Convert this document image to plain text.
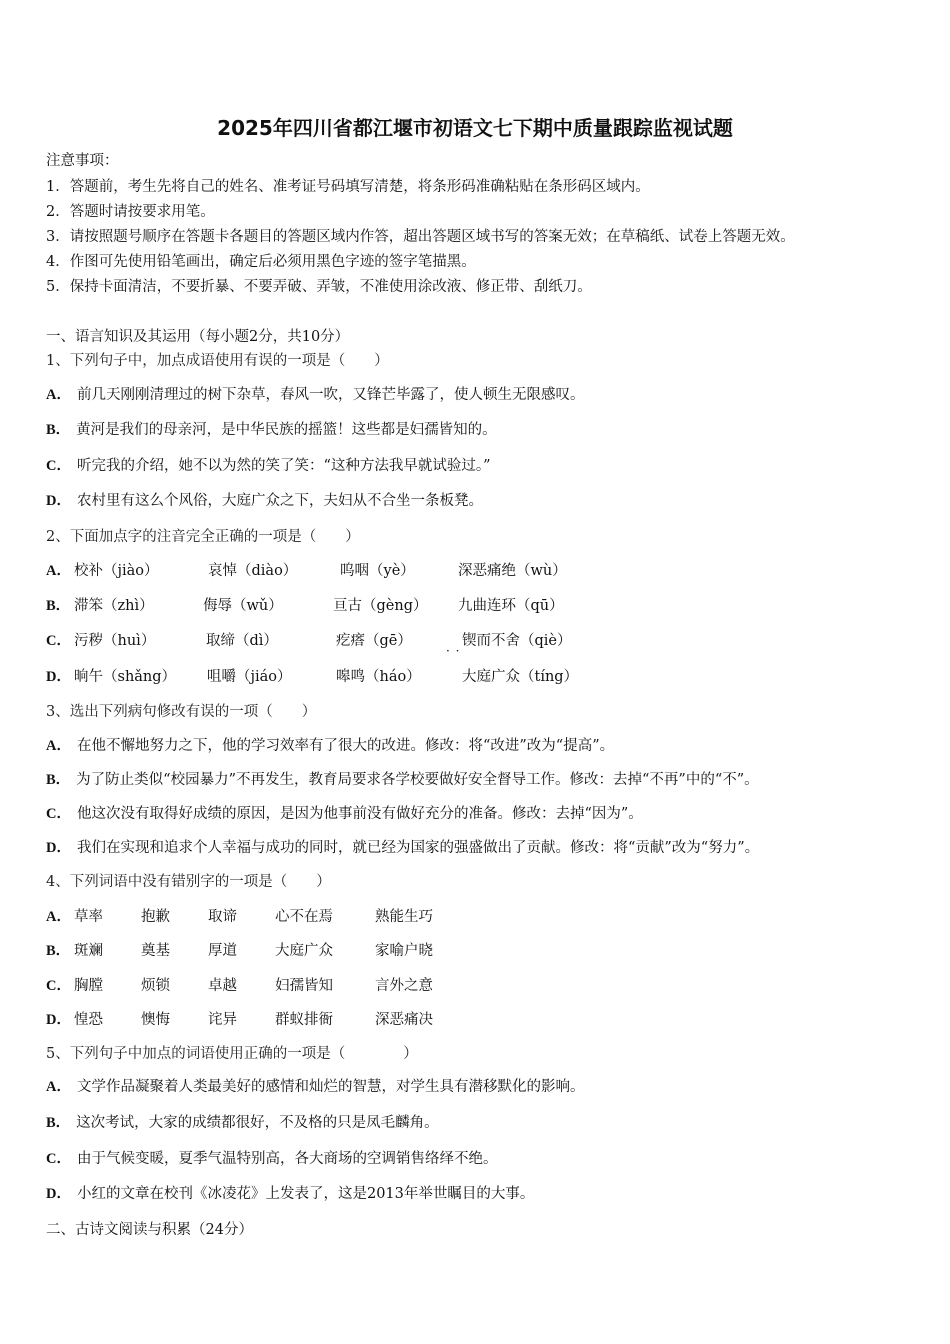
2025年四川省都江堰市初语文七下期中质量跟踪监视试题
注意事项：
1．答题前，考生先将自己的姓名、准考证号码填写清楚，将条形码准确粘贴在条形码区域内。
2．答题时请按要求用笔。
3．请按照题号顺序在答题卡各题目的答题区域内作答，超出答题区域书写的答案无效；在草稿纸、试卷上答题无效。
4．作图可先使用铅笔画出，确定后必须用黑色字迹的签字笔描黑。
5．保持卡面清洁，不要折暴、不要弄破、弄皱，不准使用涂改液、修正带、刮纸刀。
一、语言知识及其运用（每小题2分，共10分）
1、下列句子中，加点成语使用有误的一项是（　　）
A． 前几天刚刚清理过的树下杂草，春风一吹，又锋芒毕露了，使人顿生无限感叹。
B． 黄河是我们的母亲河，是中华民族的摇篮！这些都是妇孺皆知的。
C． 听完我的介绍，她不以为然的笑了笑：“这种方法我早就试验过。”
D． 农村里有这么个风俗，大庭广众之下，夫妇从不合坐一条板凳。
2、下面加点字的注音完全正确的一项是（　　）
A． 校补（jiào）	哀悼（diào）	呜咽（yè）	深恶痛绝（wù）
B． 滞笨（zhì）	侮辱（wǔ）	亘古（gèng） 九曲连环（qū）
C． 污秽（huì）	取缔（dì）	疙瘩（gē）	锲而不舍（qiè）
· ·
D． 晌午（shǎng） 咀嚼（jiáo）	嗥鸣（háo）	大庭广众（tíng）
3、选出下列病句修改有误的一项（　　）
A． 在他不懈地努力之下，他的学习效率有了很大的改进。修改：将“改进”改为“提高”。
B． 为了防止类似“校园暴力”不再发生，教育局要求各学校要做好安全督导工作。修改：去掉“不再”中的“不”。
C． 他这次没有取得好成绩的原因，是因为他事前没有做好充分的准备。修改：去掉“因为”。
D． 我们在实现和追求个人幸福与成功的同时，就已经为国家的强盛做出了贡献。修改：将“贡献”改为“努力”。
4、下列词语中没有错别字的一项是（　　）
A． 草率	抱歉	取谛	心不在焉	熟能生巧
B． 斑斓	奠基	厚道	大庭广众	家喻户晓
C． 胸膛	烦锁	卓越	妇孺皆知	言外之意
D． 惶恐	懊悔	诧异	群蚁排衙	深恶痛决
5、下列句子中加点的词语使用正确的一项是（　　　　）
A． 文学作品凝聚着人类最美好的感情和灿烂的智慧，对学生具有潜移默化的影响。
B． 这次考试，大家的成绩都很好，不及格的只是凤毛麟角。
C． 由于气候变暖，夏季气温特别高，各大商场的空调销售络绎不绝。
D． 小红的文章在校刊《冰凌花》上发表了，这是2013年举世瞩目的大事。
二、古诗文阅读与积累（24分）
